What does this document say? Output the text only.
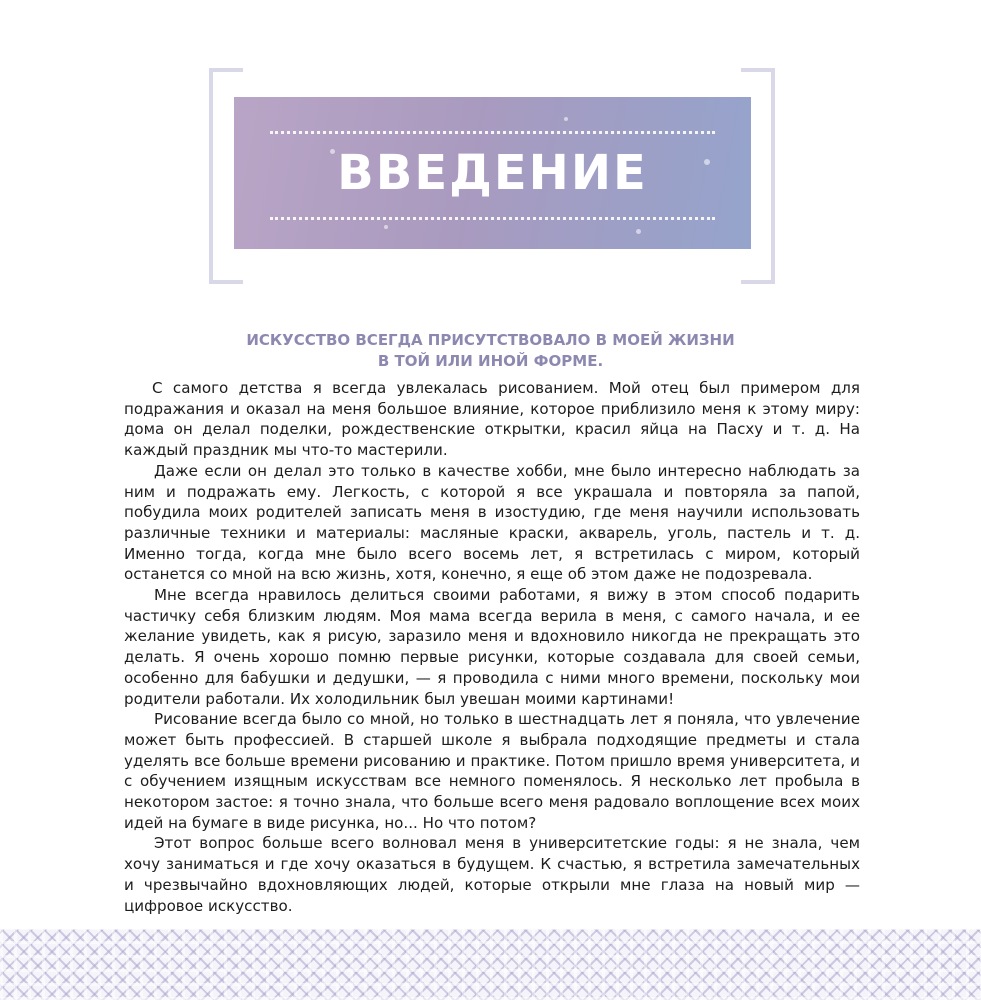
ВВЕДЕНИЕ
ИСКУССТВО ВСЕГДА ПРИСУТСТВОВАЛО В МОЕЙ ЖИЗНИ
В ТОЙ ИЛИ ИНОЙ ФОРМЕ.

С самого детства я всегда увлекалась рисованием. Мой отец был примером для подражания и оказал на меня большое влияние, которое приблизило меня к этому миру: дома он делал поделки, рождественские открытки, красил яйца на Пасху и т. д. На каждый праздник мы что-то мастерили.

Даже если он делал это только в качестве хобби, мне было интересно наблюдать за ним и подражать ему. Легкость, с которой я все украшала и повторяла за папой, побудила моих родителей записать меня в изостудию, где меня научили использовать различные техники и материалы: масляные краски, акварель, уголь, пастель и т. д. Именно тогда, когда мне было всего восемь лет, я встретилась с миром, который останется со мной на всю жизнь, хотя, конечно, я еще об этом даже не подозревала.

Мне всегда нравилось делиться своими работами, я вижу в этом способ подарить частичку себя близким людям. Моя мама всегда верила в меня, с самого начала, и ее желание увидеть, как я рисую, заразило меня и вдохновило никогда не прекращать это делать. Я очень хорошо помню первые рисунки, которые создавала для своей семьи, особенно для бабушки и дедушки, — я проводила с ними много времени, поскольку мои родители работали. Их холодильник был увешан моими картинами!

Рисование всегда было со мной, но только в шестнадцать лет я поняла, что увлечение может быть профессией. В старшей школе я выбрала подходящие предметы и стала уделять все больше времени рисованию и практике. Потом пришло время университета, и с обучением изящным искусствам все немного поменялось. Я несколько лет пробыла в некотором застое: я точно знала, что больше всего меня радовало воплощение всех моих идей на бумаге в виде рисунка, но... Но что потом?

Этот вопрос больше всего волновал меня в университетские годы: я не знала, чем хочу заниматься и где хочу оказаться в будущем. К счастью, я встретила замечательных и чрезвычайно вдохновляющих людей, которые открыли мне глаза на новый мир — цифровое искусство.
